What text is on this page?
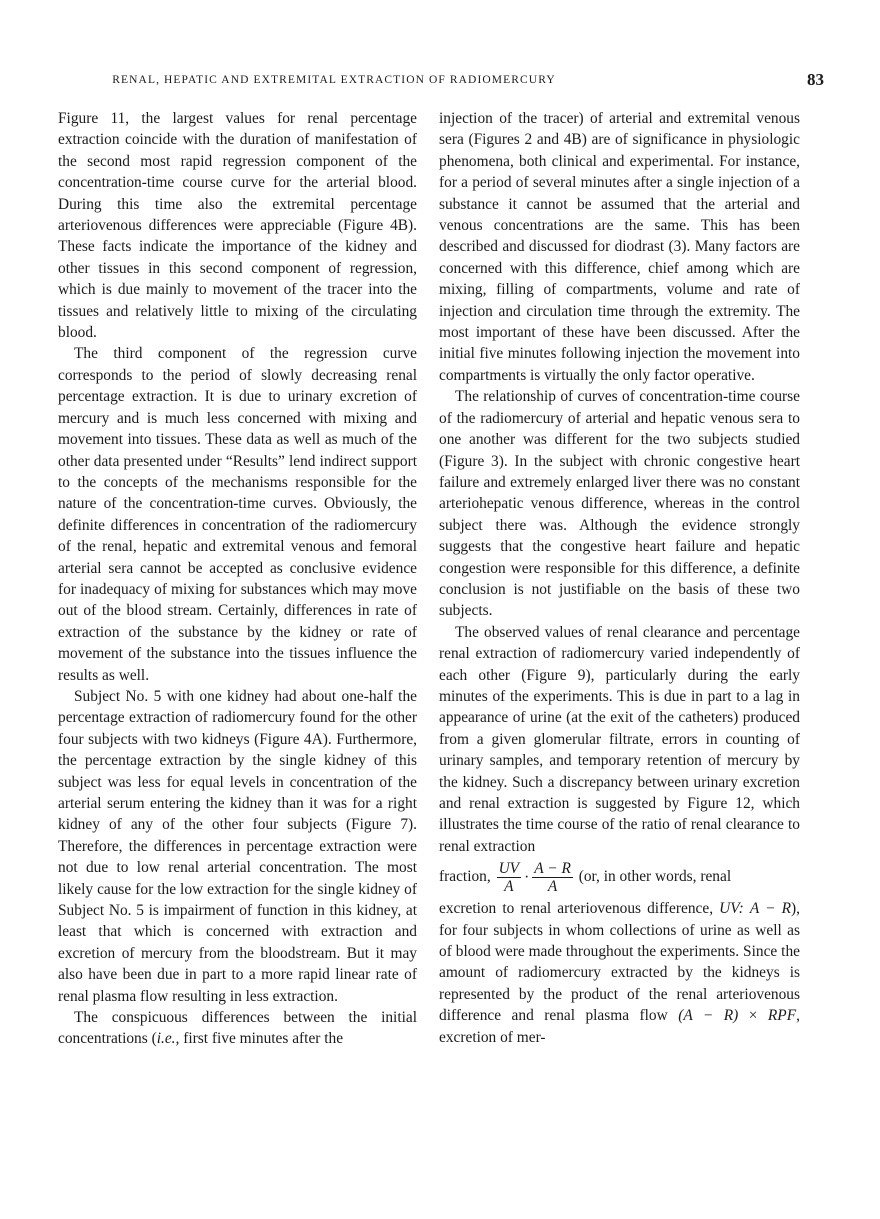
RENAL, HEPATIC AND EXTREMITAL EXTRACTION OF RADIOMERCURY	83

Figure 11, the largest values for renal percentage extraction coincide with the duration of manifestation of the second most rapid regression component of the concentration-time course curve for the arterial blood. During this time also the extremital percentage arteriovenous differences were appreciable (Figure 4B). These facts indicate the importance of the kidney and other tissues in this second component of regression, which is due mainly to movement of the tracer into the tissues and relatively little to mixing of the circulating blood.

The third component of the regression curve corresponds to the period of slowly decreasing renal percentage extraction. It is due to urinary excretion of mercury and is much less concerned with mixing and movement into tissues. These data as well as much of the other data presented under “Results” lend indirect support to the concepts of the mechanisms responsible for the nature of the concentration-time curves. Obviously, the definite differences in concentration of the radiomercury of the renal, hepatic and extremital venous and femoral arterial sera cannot be accepted as conclusive evidence for inadequacy of mixing for substances which may move out of the blood stream. Certainly, differences in rate of extraction of the substance by the kidney or rate of movement of the substance into the tissues influence the results as well.

Subject No. 5 with one kidney had about one-half the percentage extraction of radiomercury found for the other four subjects with two kidneys (Figure 4A). Furthermore, the percentage extraction by the single kidney of this subject was less for equal levels in concentration of the arterial serum entering the kidney than it was for a right kidney of any of the other four subjects (Figure 7). Therefore, the differences in percentage extraction were not due to low renal arterial concentration. The most likely cause for the low extraction for the single kidney of Subject No. 5 is impairment of function in this kidney, at least that which is concerned with extraction and excretion of mercury from the bloodstream. But it may also have been due in part to a more rapid linear rate of renal plasma flow resulting in less extraction.

The conspicuous differences between the initial concentrations (i.e., first five minutes after the

injection of the tracer) of arterial and extremital venous sera (Figures 2 and 4B) are of significance in physiologic phenomena, both clinical and experimental. For instance, for a period of several minutes after a single injection of a substance it cannot be assumed that the arterial and venous concentrations are the same. This has been described and discussed for diodrast (3). Many factors are concerned with this difference, chief among which are mixing, filling of compartments, volume and rate of injection and circulation time through the extremity. The most important of these have been discussed. After the initial five minutes following injection the movement into compartments is virtually the only factor operative.

The relationship of curves of concentration-time course of the radiomercury of arterial and hepatic venous sera to one another was different for the two subjects studied (Figure 3). In the subject with chronic congestive heart failure and extremely enlarged liver there was no constant arteriohepatic venous difference, whereas in the control subject there was. Although the evidence strongly suggests that the congestive heart failure and hepatic congestion were responsible for this difference, a definite conclusion is not justifiable on the basis of these two subjects.

The observed values of renal clearance and percentage renal extraction of radiomercury varied independently of each other (Figure 9), particularly during the early minutes of the experiments. This is due in part to a lag in appearance of urine (at the exit of the catheters) produced from a given glomerular filtrate, errors in counting of urinary samples, and temporary retention of mercury by the kidney. Such a discrepancy between urinary excretion and renal extraction is suggested by Figure 12, which illustrates the time course of the ratio of renal clearance to renal extraction

fraction, $\frac{UV}{A} \cdot \frac{A - R}{A} (or$, in other words, renal

excretion to renal arteriovenous difference, UV: A − R), for four subjects in whom collections of urine as well as of blood were made throughout the experiments. Since the amount of radiomercury extracted by the kidneys is represented by the product of the renal arteriovenous difference and renal plasma flow (A − R) × RPF, excretion of mer-
